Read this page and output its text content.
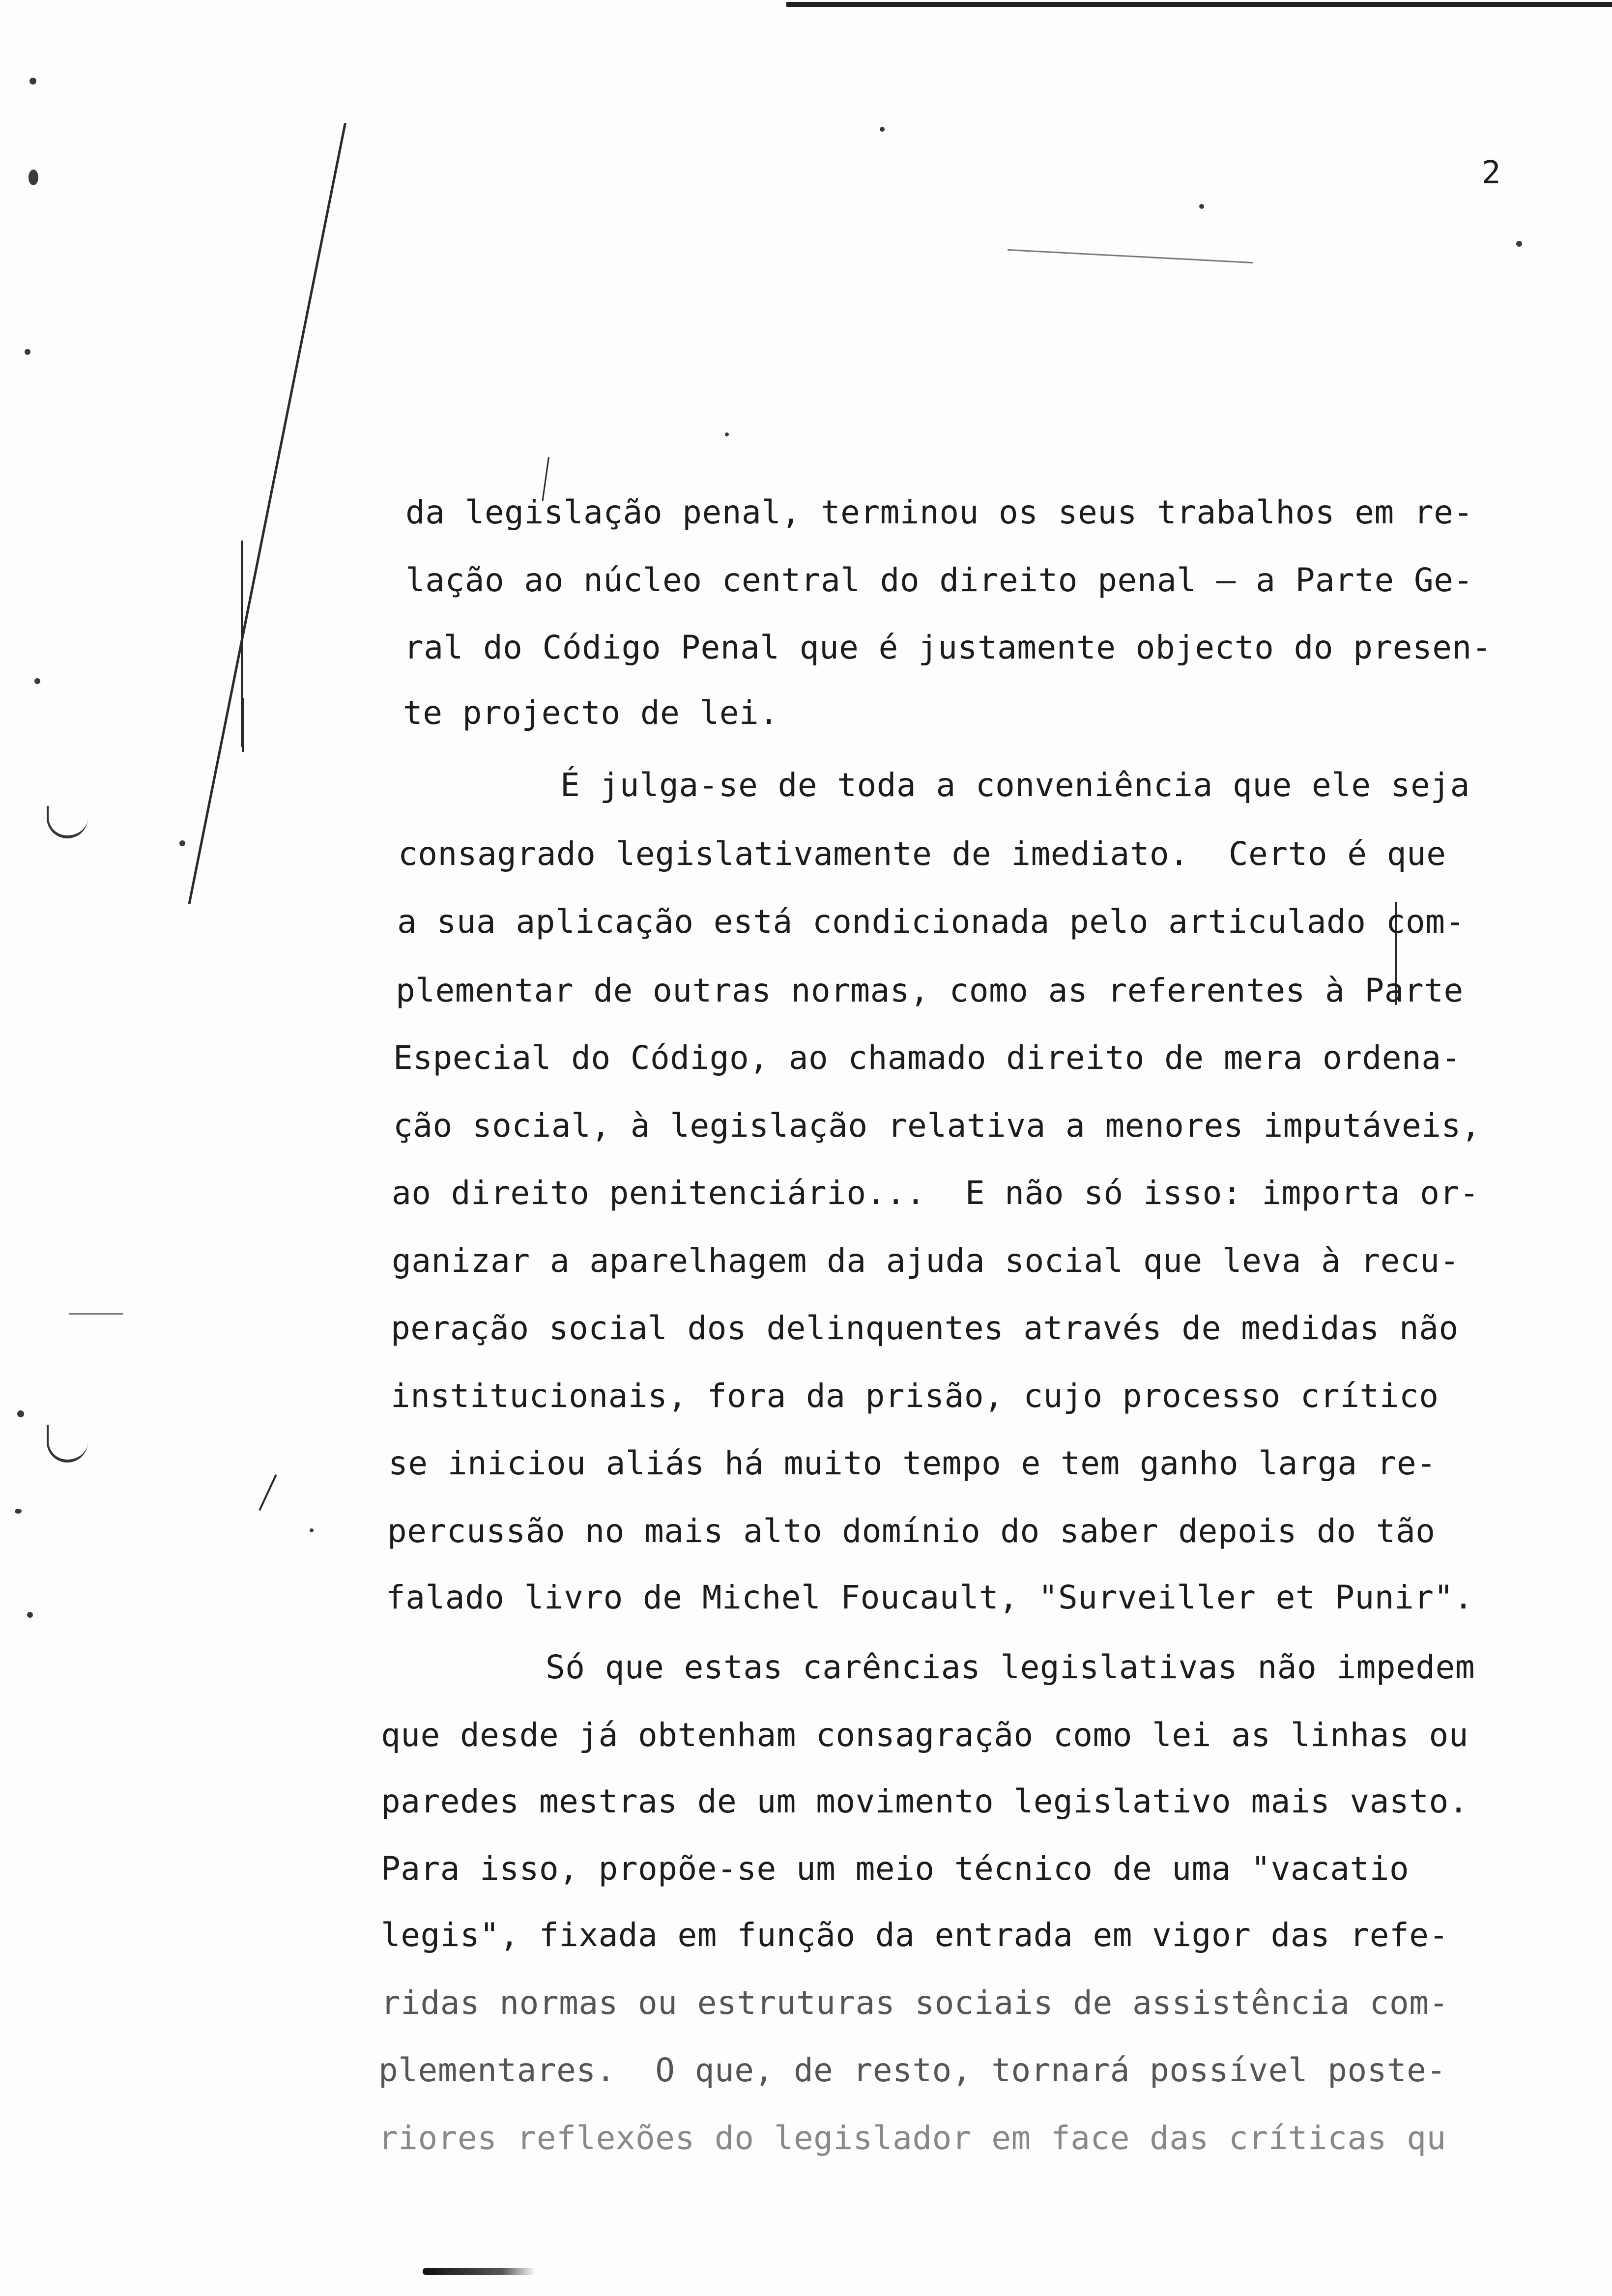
2
da legislação penal, terminou os seus trabalhos em re-
lação ao núcleo central do direito penal — a Parte Ge-
ral do Código Penal que é justamente objecto do presen-
te projecto de lei.
É julga-se de toda a conveniência que ele seja
consagrado legislativamente de imediato.  Certo é que
a sua aplicação está condicionada pelo articulado com-
plementar de outras normas, como as referentes à Parte
Especial do Código, ao chamado direito de mera ordena-
ção social, à legislação relativa a menores imputáveis,
ao direito penitenciário...  E não só isso: importa or-
ganizar a aparelhagem da ajuda social que leva à recu-
peração social dos delinquentes através de medidas não
institucionais, fora da prisão, cujo processo crítico
se iniciou aliás há muito tempo e tem ganho larga re-
percussão no mais alto domínio do saber depois do tão
falado livro de Michel Foucault, "Surveiller et Punir".
Só que estas carências legislativas não impedem
que desde já obtenham consagração como lei as linhas ou
paredes mestras de um movimento legislativo mais vasto.
Para isso, propõe-se um meio técnico de uma "vacatio
legis", fixada em função da entrada em vigor das refe-
ridas normas ou estruturas sociais de assistência com-
plementares.  O que, de resto, tornará possível poste-
riores reflexões do legislador em face das críticas qu
